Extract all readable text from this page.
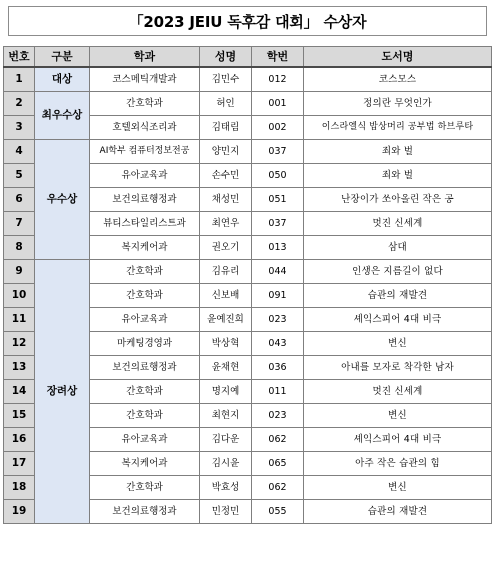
「2023 JEIU 독후감 대회」 수상자
번호	구분	학과	성명	학번	도서명
1	대상	코스메틱개발과	김민수	012	코스모스
2	최우수상	간호학과	허인	001	정의란 무엇인가
3		호텔외식조리과	김태림	002	이스라엘식 밥상머리 공부법 하브루타
4	우수상	AI학부 컴퓨터정보전공	양민지	037	죄와 벌
5		유아교육과	손수민	050	죄와 벌
6		보건의료행정과	채성민	051	난장이가 쏘아올린 작은 공
7		뷰티스타일리스트과	최연우	037	멋진 신세계
8		복지케어과	권오기	013	삼대
9	장려상	간호학과	김유리	044	인생은 지름길이 없다
10		간호학과	신보배	091	습관의 재발견
11		유아교육과	윤예진희	023	셰익스피어 4대 비극
12		마케팅경영과	박상혁	043	변신
13		보건의료행정과	윤채현	036	아내를 모자로 착각한 남자
14		간호학과	명지예	011	멋진 신세계
15		간호학과	최현지	023	변신
16		유아교육과	김다운	062	셰익스피어 4대 비극
17		복지케어과	김시윤	065	아주 작은 습관의 힘
18		간호학과	박효성	062	변신
19		보건의료행정과	민정민	055	습관의 재발견
